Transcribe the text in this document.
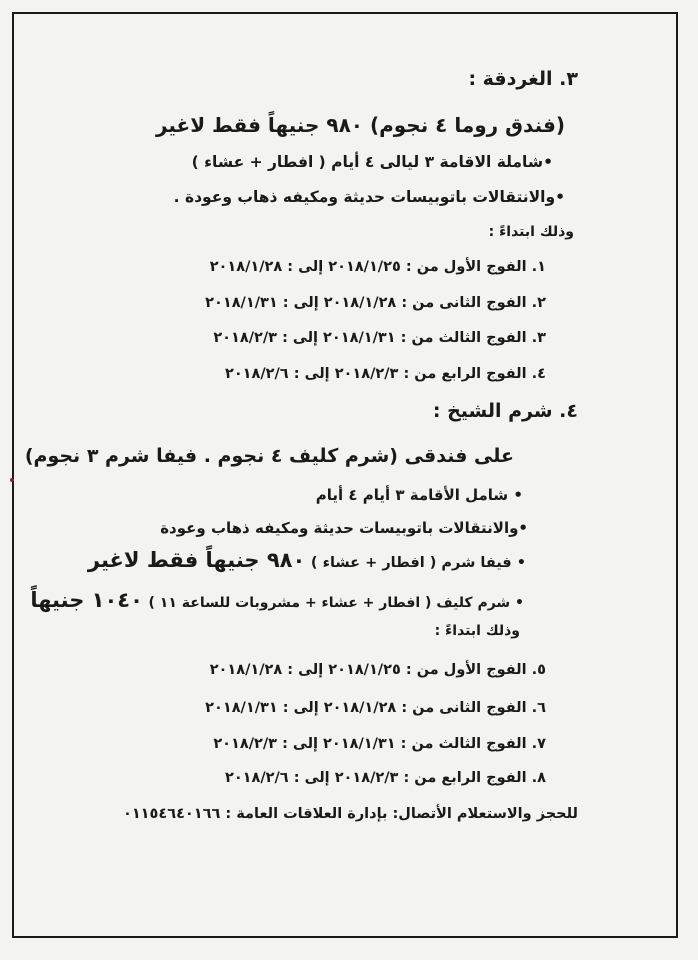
٣. الغردقة :
(فندق روما ٤ نجوم) ٩٨٠ جنيهاً فقط لاغير
•شاملة الاقامة ٣ ليالى ٤ أيام ( افطار + عشاء )
•والانتقالات باتوبيسات حديثة ومكيفه ذهاب وعودة .
وذلك ابتداءً :
١. الفوج الأول من : ٢٠١٨/١/٢٥ إلى : ٢٠١٨/١/٢٨
٢. الفوج الثانى من : ٢٠١٨/١/٢٨ إلى : ٢٠١٨/١/٣١
٣. الفوج الثالث من : ٢٠١٨/١/٣١ إلى : ٢٠١٨/٢/٣
٤. الفوج الرابع من : ٢٠١٨/٢/٣ إلى : ٢٠١٨/٢/٦
٤. شرم الشيخ :
على فندقى (شرم كليف ٤ نجوم . فيفا شرم ٣ نجوم)
• شامل الأقامة ٣ أيام ٤ أيام
•والانتقالات باتوبيسات حديثة ومكيفه ذهاب وعودة
• فيفا شرم ( افطار + عشاء ) ٩٨٠ جنيهاً فقط لاغير
• شرم كليف ( افطار + عشاء + مشروبات للساعة ١١ ) ١٠٤٠ جنيهاً
وذلك ابتداءً :
٥. الفوج الأول من : ٢٠١٨/١/٢٥ إلى : ٢٠١٨/١/٢٨
٦. الفوج الثانى من : ٢٠١٨/١/٢٨ إلى : ٢٠١٨/١/٣١
٧. الفوج الثالث من : ٢٠١٨/١/٣١ إلى : ٢٠١٨/٢/٣
٨. الفوج الرابع من : ٢٠١٨/٢/٣ إلى : ٢٠١٨/٢/٦
للحجز والاستعلام الأتصال: بإدارة العلاقات العامة : ٠١١٥٤٦٤٠١٦٦
